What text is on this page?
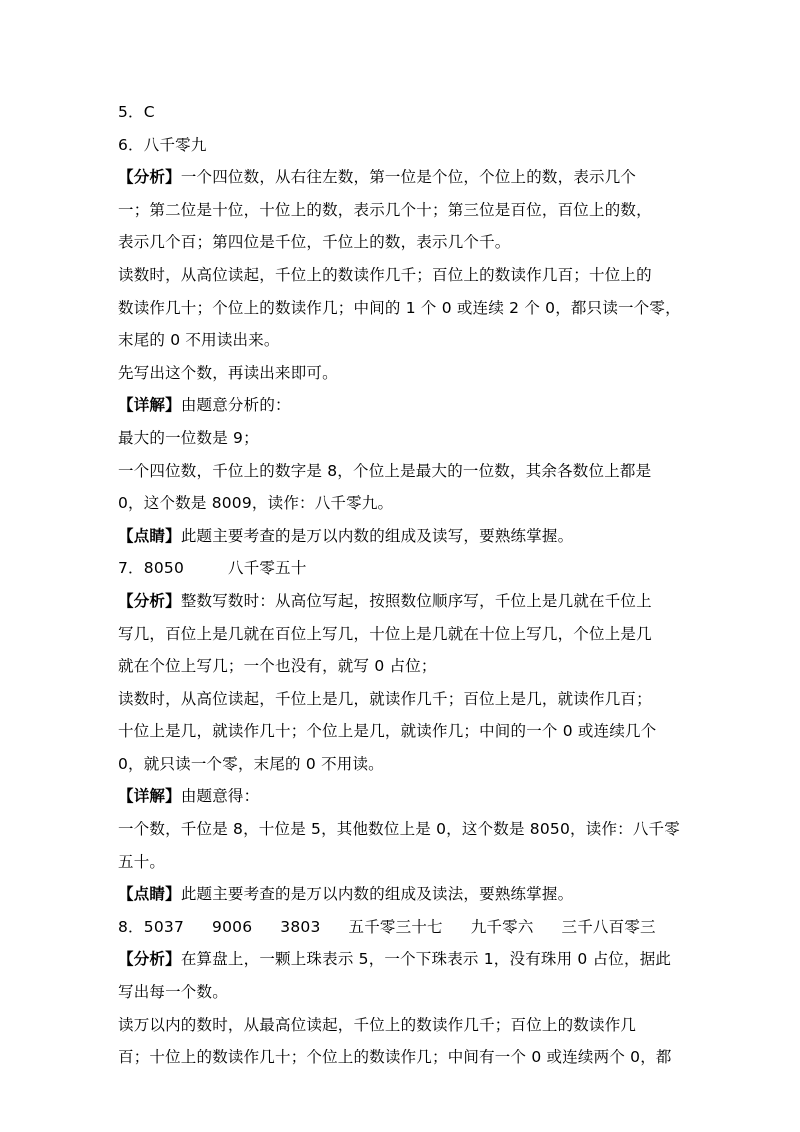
5．C
6．八千零九
【分析】一个四位数，从右往左数，第一位是个位，个位上的数，表示几个
一；第二位是十位，十位上的数，表示几个十；第三位是百位，百位上的数，
表示几个百；第四位是千位，千位上的数，表示几个千。
读数时，从高位读起，千位上的数读作几千；百位上的数读作几百；十位上的
数读作几十；个位上的数读作几；中间的 1 个 0 或连续 2 个 0，都只读一个零，
末尾的 0 不用读出来。
先写出这个数，再读出来即可。
【详解】由题意分析的：
最大的一位数是 9；
一个四位数，千位上的数字是 8，个位上是最大的一位数，其余各数位上都是
0，这个数是 8009，读作：八千零九。
【点睛】此题主要考查的是万以内数的组成及读写，要熟练掌握。
7．8050	八千零五十
【分析】整数写数时：从高位写起，按照数位顺序写，千位上是几就在千位上
写几，百位上是几就在百位上写几，十位上是几就在十位上写几，个位上是几
就在个位上写几；一个也没有，就写 0 占位；
读数时，从高位读起，千位上是几，就读作几千；百位上是几，就读作几百；
十位上是几，就读作几十；个位上是几，就读作几；中间的一个 0 或连续几个
0，就只读一个零，末尾的 0 不用读。
【详解】由题意得：
一个数，千位是 8，十位是 5，其他数位上是 0，这个数是 8050，读作：八千零
五十。
【点睛】此题主要考查的是万以内数的组成及读法，要熟练掌握。
8．5037 9006 3803 五千零三十七 九千零六 三千八百零三
【分析】在算盘上，一颗上珠表示 5，一个下珠表示 1，没有珠用 0 占位，据此
写出每一个数。
读万以内的数时，从最高位读起，千位上的数读作几千；百位上的数读作几
百；十位上的数读作几十；个位上的数读作几；中间有一个 0 或连续两个 0，都
